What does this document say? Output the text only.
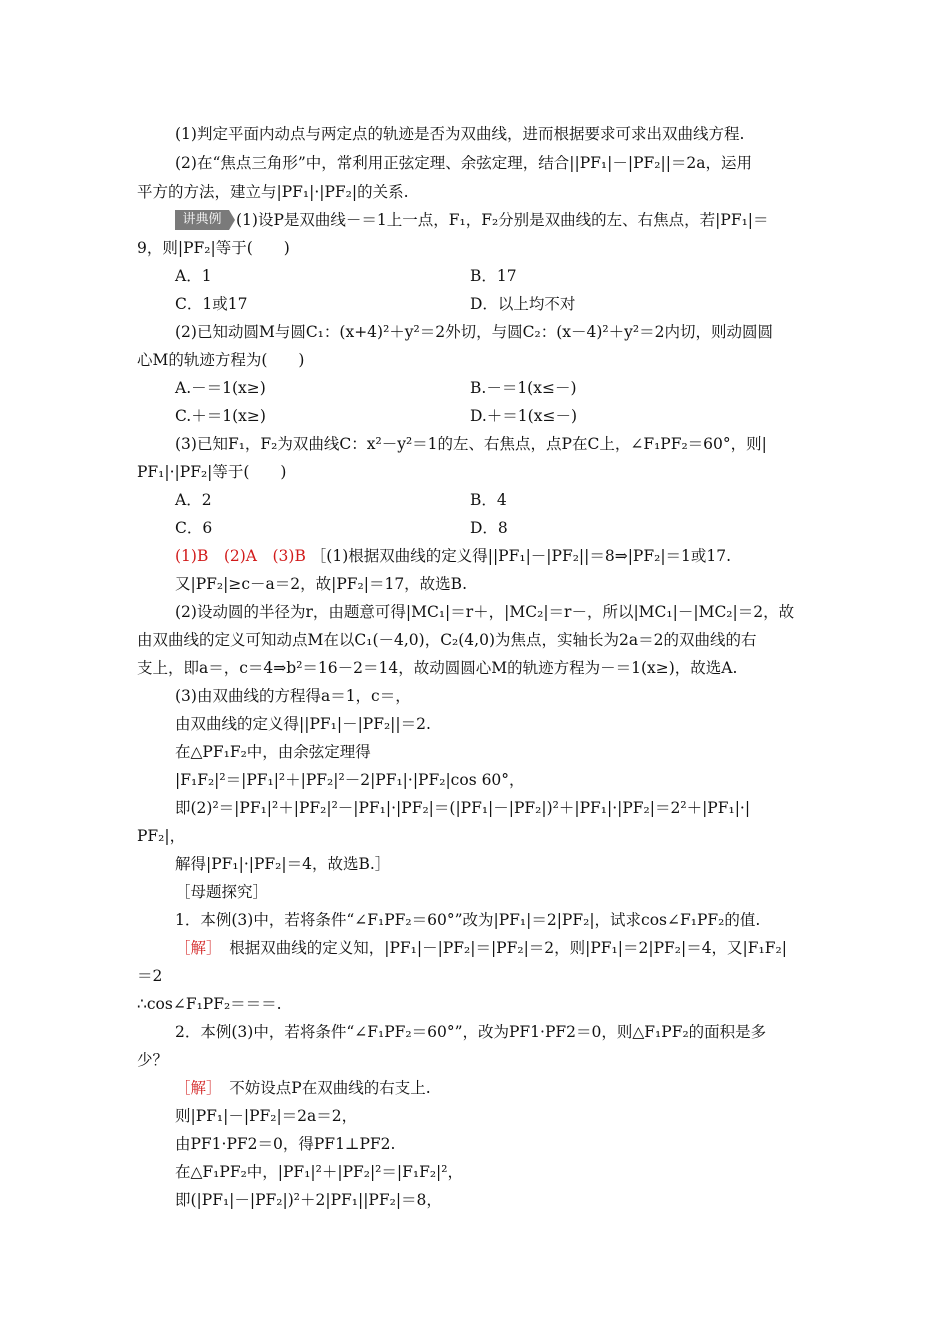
(1)判定平面内动点与两定点的轨迹是否为双曲线，进而根据要求可求出双曲线方程.
(2)在“焦点三角形”中，常利用正弦定理、余弦定理，结合||PF₁|－|PF₂||＝2a，运用
平方的方法，建立与|PF₁|·|PF₂|的关系.
讲典例 (1)设P是双曲线－＝1上一点，F₁，F₂分别是双曲线的左、右焦点，若|PF₁|＝
9，则|PF₂|等于(　　)
A．1	B．17
C．1或17	D．以上均不对
(2)已知动圆M与圆C₁：(x+4)²＋y²＝2外切，与圆C₂：(x－4)²＋y²＝2内切，则动圆圆
心M的轨迹方程为(　　)
A.－＝1(x≥)	B.－＝1(x≤－)
C.＋＝1(x≥)	D.＋＝1(x≤－)
(3)已知F₁，F₂为双曲线C：x²－y²＝1的左、右焦点，点P在C上，∠F₁PF₂＝60°，则|
PF₁|·|PF₂|等于(　　)
A．2	B．4
C．6	D．8
(1)B　(2)A　(3)B ［(1)根据双曲线的定义得||PF₁|－|PF₂||＝8⇒|PF₂|＝1或17.
又|PF₂|≥c－a＝2，故|PF₂|＝17，故选B.
(2)设动圆的半径为r，由题意可得|MC₁|＝r＋，|MC₂|＝r－，所以|MC₁|－|MC₂|＝2，故
由双曲线的定义可知动点M在以C₁(－4,0)，C₂(4,0)为焦点，实轴长为2a＝2的双曲线的右
支上，即a＝，c＝4⇒b²＝16－2＝14，故动圆圆心M的轨迹方程为－＝1(x≥)，故选A.
(3)由双曲线的方程得a＝1，c＝，
由双曲线的定义得||PF₁|－|PF₂||＝2.
在△PF₁F₂中，由余弦定理得
|F₁F₂|²＝|PF₁|²＋|PF₂|²－2|PF₁|·|PF₂|cos 60°，
即(2)²＝|PF₁|²＋|PF₂|²－|PF₁|·|PF₂|＝(|PF₁|－|PF₂|)²＋|PF₁|·|PF₂|＝2²＋|PF₁|·|
PF₂|，
解得|PF₁|·|PF₂|＝4，故选B.］
［母题探究］
1．本例(3)中，若将条件“∠F₁PF₂＝60°”改为|PF₁|＝2|PF₂|，试求cos∠F₁PF₂的值.
［解］　根据双曲线的定义知，|PF₁|－|PF₂|＝|PF₂|＝2，则|PF₁|＝2|PF₂|＝4，又|F₁F₂|
＝2
∴cos∠F₁PF₂＝＝＝.
2．本例(3)中，若将条件“∠F₁PF₂＝60°”，改为PF1·PF2＝0，则△F₁PF₂的面积是多
少？
［解］　不妨设点P在双曲线的右支上.
则|PF₁|－|PF₂|＝2a＝2，
由PF1·PF2＝0，得PF1⊥PF2.
在△F₁PF₂中，|PF₁|²＋|PF₂|²＝|F₁F₂|²，
即(|PF₁|－|PF₂|)²＋2|PF₁||PF₂|＝8，
